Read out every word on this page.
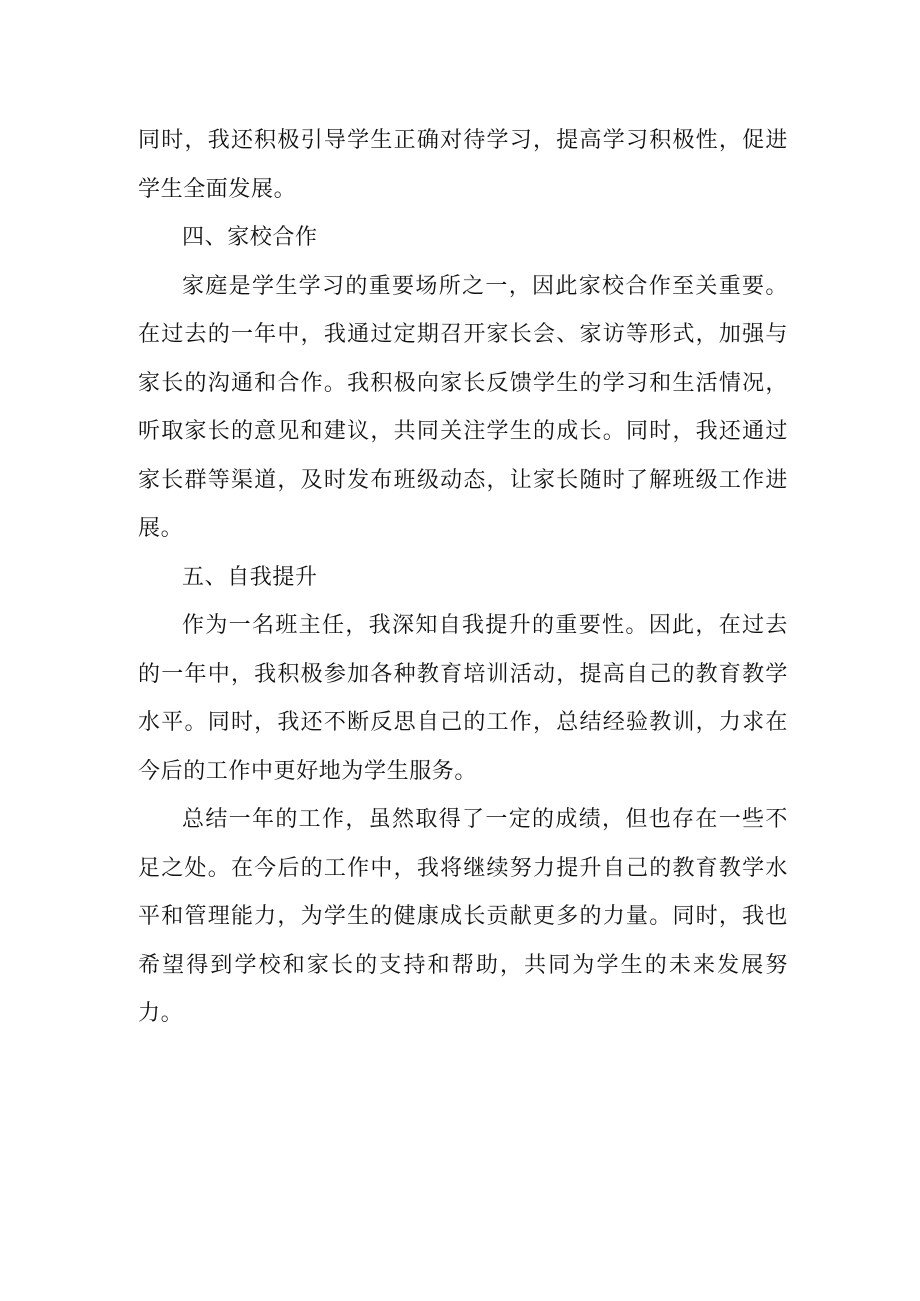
同时，我还积极引导学生正确对待学习，提高学习积极性，促进学生全面发展。

四、家校合作

家庭是学生学习的重要场所之一，因此家校合作至关重要。在过去的一年中，我通过定期召开家长会、家访等形式，加强与家长的沟通和合作。我积极向家长反馈学生的学习和生活情况，听取家长的意见和建议，共同关注学生的成长。同时，我还通过家长群等渠道，及时发布班级动态，让家长随时了解班级工作进展。

五、自我提升

作为一名班主任，我深知自我提升的重要性。因此，在过去的一年中，我积极参加各种教育培训活动，提高自己的教育教学水平。同时，我还不断反思自己的工作，总结经验教训，力求在今后的工作中更好地为学生服务。

总结一年的工作，虽然取得了一定的成绩，但也存在一些不足之处。在今后的工作中，我将继续努力提升自己的教育教学水平和管理能力，为学生的健康成长贡献更多的力量。同时，我也希望得到学校和家长的支持和帮助，共同为学生的未来发展努力。
